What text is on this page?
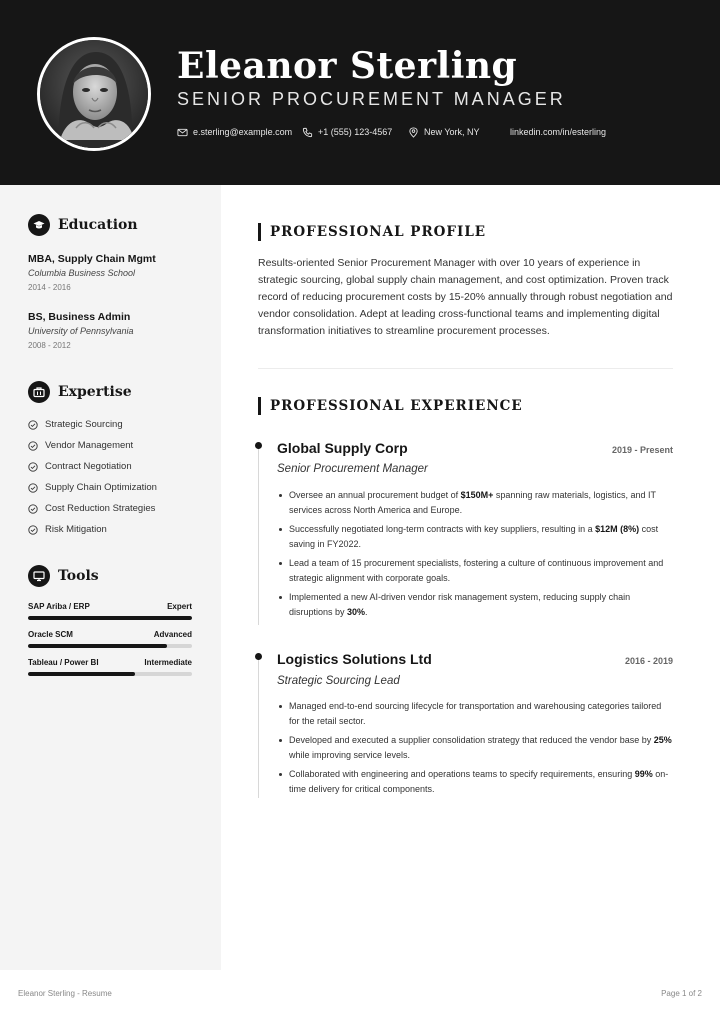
Eleanor Sterling
SENIOR PROCUREMENT MANAGER
e.sterling@example.com	+1 (555) 123-4567	New York, NY	linkedin.com/in/esterling
Education
MBA, Supply Chain Mgmt
Columbia Business School
2014 - 2016
BS, Business Admin
University of Pennsylvania
2008 - 2012
Expertise
Strategic Sourcing
Vendor Management
Contract Negotiation
Supply Chain Optimization
Cost Reduction Strategies
Risk Mitigation
Tools
SAP Ariba / ERP	Expert
Oracle SCM	Advanced
Tableau / Power BI	Intermediate
PROFESSIONAL PROFILE
Results-oriented Senior Procurement Manager with over 10 years of experience in strategic sourcing, global supply chain management, and cost optimization. Proven track record of reducing procurement costs by 15-20% annually through robust negotiation and vendor consolidation. Adept at leading cross-functional teams and implementing digital transformation initiatives to streamline procurement processes.
PROFESSIONAL EXPERIENCE
Global Supply Corp	2019 - Present
Senior Procurement Manager
Oversee an annual procurement budget of $150M+ spanning raw materials, logistics, and IT services across North America and Europe.
Successfully negotiated long-term contracts with key suppliers, resulting in a $12M (8%) cost saving in FY2022.
Lead a team of 15 procurement specialists, fostering a culture of continuous improvement and strategic alignment with corporate goals.
Implemented a new AI-driven vendor risk management system, reducing supply chain disruptions by 30%.
Logistics Solutions Ltd	2016 - 2019
Strategic Sourcing Lead
Managed end-to-end sourcing lifecycle for transportation and warehousing categories tailored for the retail sector.
Developed and executed a supplier consolidation strategy that reduced the vendor base by 25% while improving service levels.
Collaborated with engineering and operations teams to specify requirements, ensuring 99% on-time delivery for critical components.
Eleanor Sterling - Resume	Page 1 of 2
